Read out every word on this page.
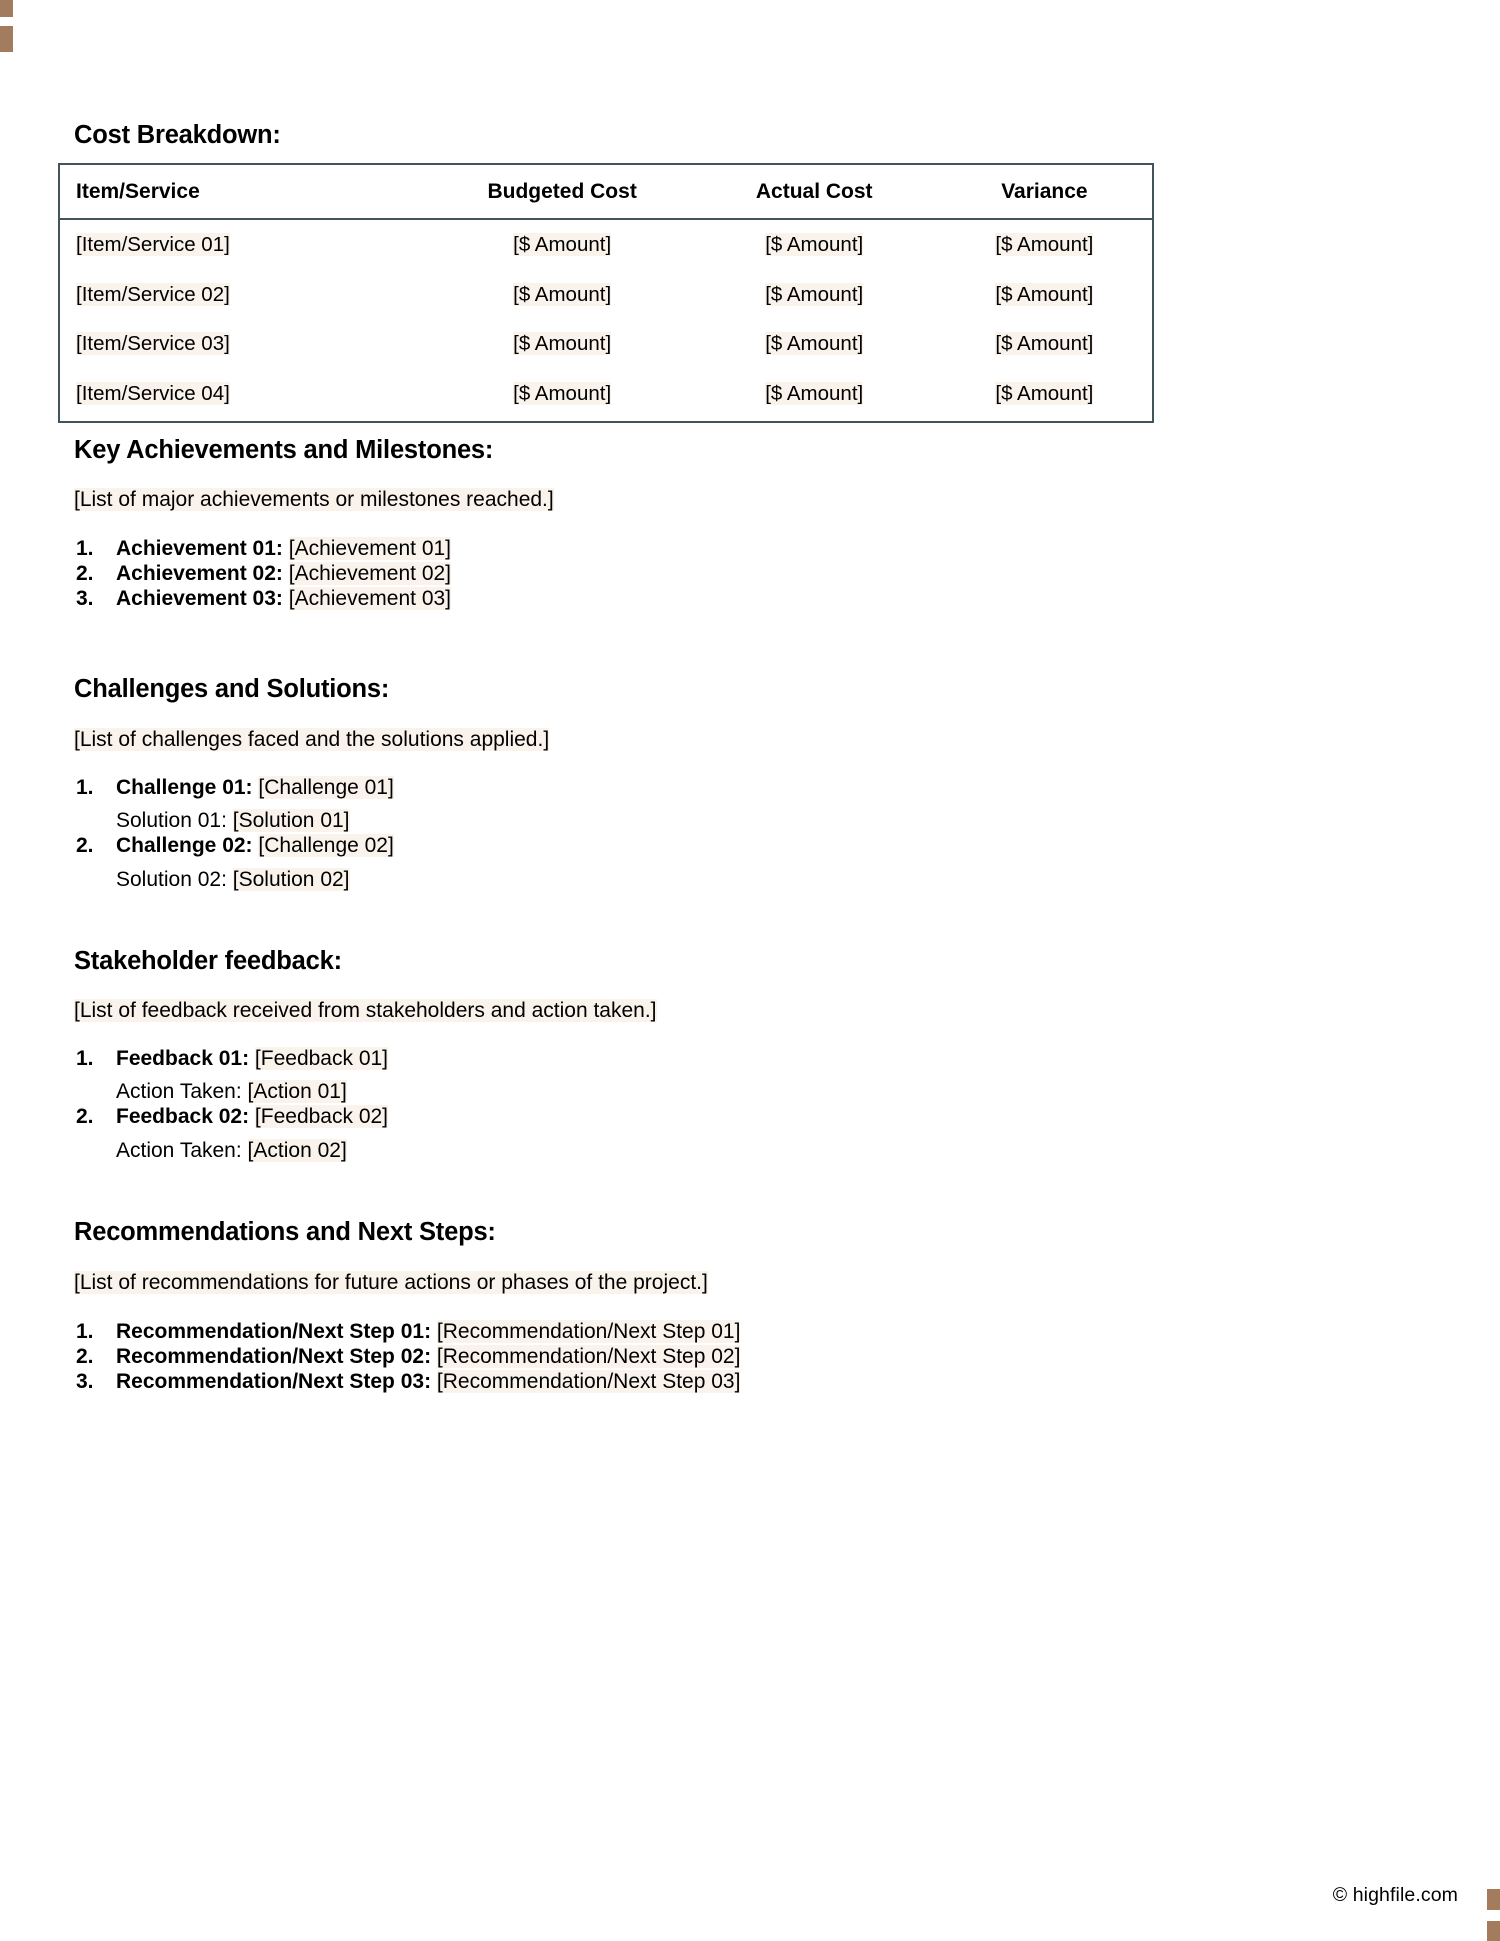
Cost Breakdown:
Item/Service	Budgeted Cost	Actual Cost	Variance
[Item/Service 01]	[$ Amount]	[$ Amount]	[$ Amount]
[Item/Service 02]	[$ Amount]	[$ Amount]	[$ Amount]
[Item/Service 03]	[$ Amount]	[$ Amount]	[$ Amount]
[Item/Service 04]	[$ Amount]	[$ Amount]	[$ Amount]
Key Achievements and Milestones:
[List of major achievements or milestones reached.]
1.	Achievement 01: [Achievement 01]
2.	Achievement 02: [Achievement 02]
3.	Achievement 03: [Achievement 03]
Challenges and Solutions:
[List of challenges faced and the solutions applied.]
1.	Challenge 01: [Challenge 01]
Solution 01: [Solution 01]
2.	Challenge 02: [Challenge 02]
Solution 02: [Solution 02]
Stakeholder feedback:
[List of feedback received from stakeholders and action taken.]
1.	Feedback 01: [Feedback 01]
Action Taken: [Action 01]
2.	Feedback 02: [Feedback 02]
Action Taken: [Action 02]
Recommendations and Next Steps:
[List of recommendations for future actions or phases of the project.]
1.	Recommendation/Next Step 01: [Recommendation/Next Step 01]
2.	Recommendation/Next Step 02: [Recommendation/Next Step 02]
3.	Recommendation/Next Step 03: [Recommendation/Next Step 03]
© highfile.com
